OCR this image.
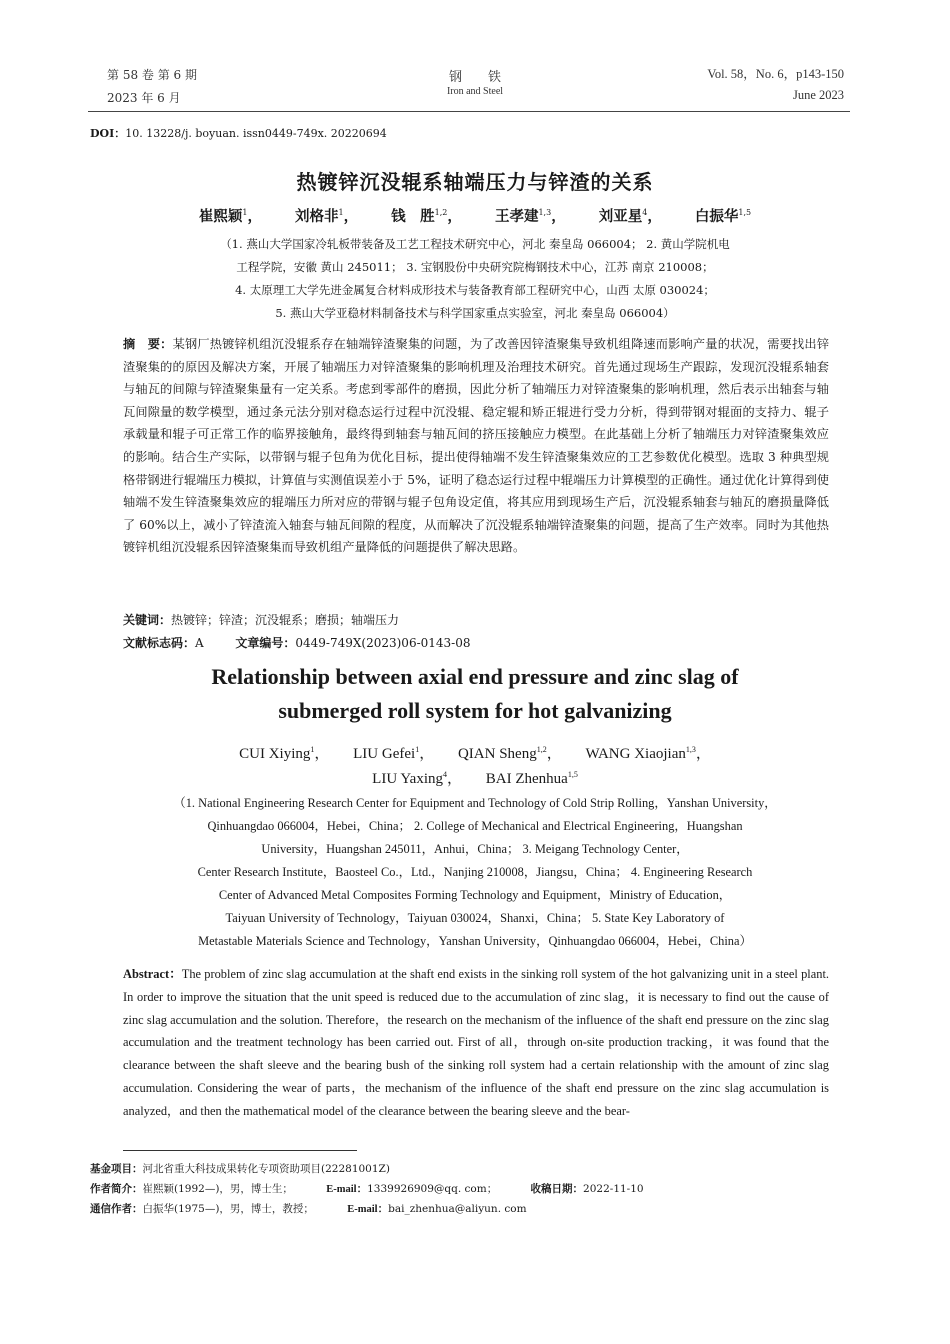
第 58 卷 第 6 期
2023 年 6 月
钢　　铁
Iron and Steel
Vol. 58，No. 6，p143-150
June 2023
DOI：10. 13228/j. boyuan. issn0449-749x. 20220694
热镀锌沉没辊系轴端压力与锌渣的关系
崔熙颖$^1$， 刘格非$^1$， 钱　胜$^{1,2}$， 王孝建$^{1,3}$， 刘亚星$^4$， 白振华$^{1,5}$
（1. 燕山大学国家冷轧板带装备及工艺工程技术研究中心，河北 秦皇岛 066004； 2. 黄山学院机电
工程学院，安徽 黄山 245011； 3. 宝钢股份中央研究院梅钢技术中心，江苏 南京 210008；
4. 太原理工大学先进金属复合材料成形技术与装备教育部工程研究中心，山西 太原 030024；
5. 燕山大学亚稳材料制备技术与科学国家重点实验室，河北 秦皇岛 066004）
摘　要：某钢厂热镀锌机组沉没辊系存在轴端锌渣聚集的问题，为了改善因锌渣聚集导致机组降速而影响产量的状况，需要找出锌渣聚集的的原因及解决方案，开展了轴端压力对锌渣聚集的影响机理及治理技术研究。首先通过现场生产跟踪，发现沉没辊系轴套与轴瓦的间隙与锌渣聚集量有一定关系。考虑到零部件的磨损，因此分析了轴端压力对锌渣聚集的影响机理，然后表示出轴套与轴瓦间隙量的数学模型，通过条元法分别对稳态运行过程中沉没辊、稳定辊和矫正辊进行受力分析，得到带钢对辊面的支持力、辊子承载量和辊子可正常工作的临界接触角，最终得到轴套与轴瓦间的挤压接触应力模型。在此基础上分析了轴端压力对锌渣聚集效应的影响。结合生产实际，以带钢与辊子包角为优化目标，提出使得轴端不发生锌渣聚集效应的工艺参数优化模型。选取 3 种典型规格带钢进行辊端压力模拟，计算值与实测值误差小于 5%，证明了稳态运行过程中辊端压力计算模型的正确性。通过优化计算得到使轴端不发生锌渣聚集效应的辊端压力所对应的带钢与辊子包角设定值，将其应用到现场生产后，沉没辊系轴套与轴瓦的磨损量降低了 60%以上，减小了锌渣流入轴套与轴瓦间隙的程度，从而解决了沉没辊系轴端锌渣聚集的问题，提高了生产效率。同时为其他热镀锌机组沉没辊系因锌渣聚集而导致机组产量降低的问题提供了解决思路。
关键词：热镀锌；锌渣；沉没辊系；磨损；轴端压力
文献标志码：A	文章编号：0449-749X(2023)06-0143-08
Relationship between axial end pressure and zinc slag of
submerged roll system for hot galvanizing
CUI Xiying$^1$， LIU Gefei$^1$， QIAN Sheng$^{1,2}$， WANG Xiaojian$^{1,3}$，
LIU Yaxing$^4$， BAI Zhenhua$^{1,5}$
（1. National Engineering Research Center for Equipment and Technology of Cold Strip Rolling，Yanshan University，
Qinhuangdao 066004，Hebei，China； 2. College of Mechanical and Electrical Engineering，Huangshan
University，Huangshan 245011，Anhui，China； 3. Meigang Technology Center，
Center Research Institute，Baosteel Co.，Ltd.，Nanjing 210008，Jiangsu，China； 4. Engineering Research
Center of Advanced Metal Composites Forming Technology and Equipment，Ministry of Education，
Taiyuan University of Technology，Taiyuan 030024，Shanxi，China； 5. State Key Laboratory of
Metastable Materials Science and Technology，Yanshan University，Qinhuangdao 066004，Hebei，China）
Abstract：The problem of zinc slag accumulation at the shaft end exists in the sinking roll system of the hot galvanizing unit in a steel plant. In order to improve the situation that the unit speed is reduced due to the accumulation of zinc slag，it is necessary to find out the cause of zinc slag accumulation and the solution. Therefore，the research on the mechanism of the influence of the shaft end pressure on the zinc slag accumulation and the treatment technology has been carried out. First of all，through on-site production tracking，it was found that the clearance between the shaft sleeve and the bearing bush of the sinking roll system had a certain relationship with the amount of zinc slag accumulation. Considering the wear of parts，the mechanism of the influence of the shaft end pressure on the zinc slag accumulation is analyzed，and then the mathematical model of the clearance between the bearing sleeve and the bear-
基金项目：河北省重大科技成果转化专项资助项目(22281001Z)
作者简介：崔熙颖(1992—)，男，博士生；	E-mail：1339926909@qq. com；	收稿日期：2022-11-10
通信作者：白振华(1975—)，男，博士，教授；	E-mail：bai_zhenhua@aliyun. com
